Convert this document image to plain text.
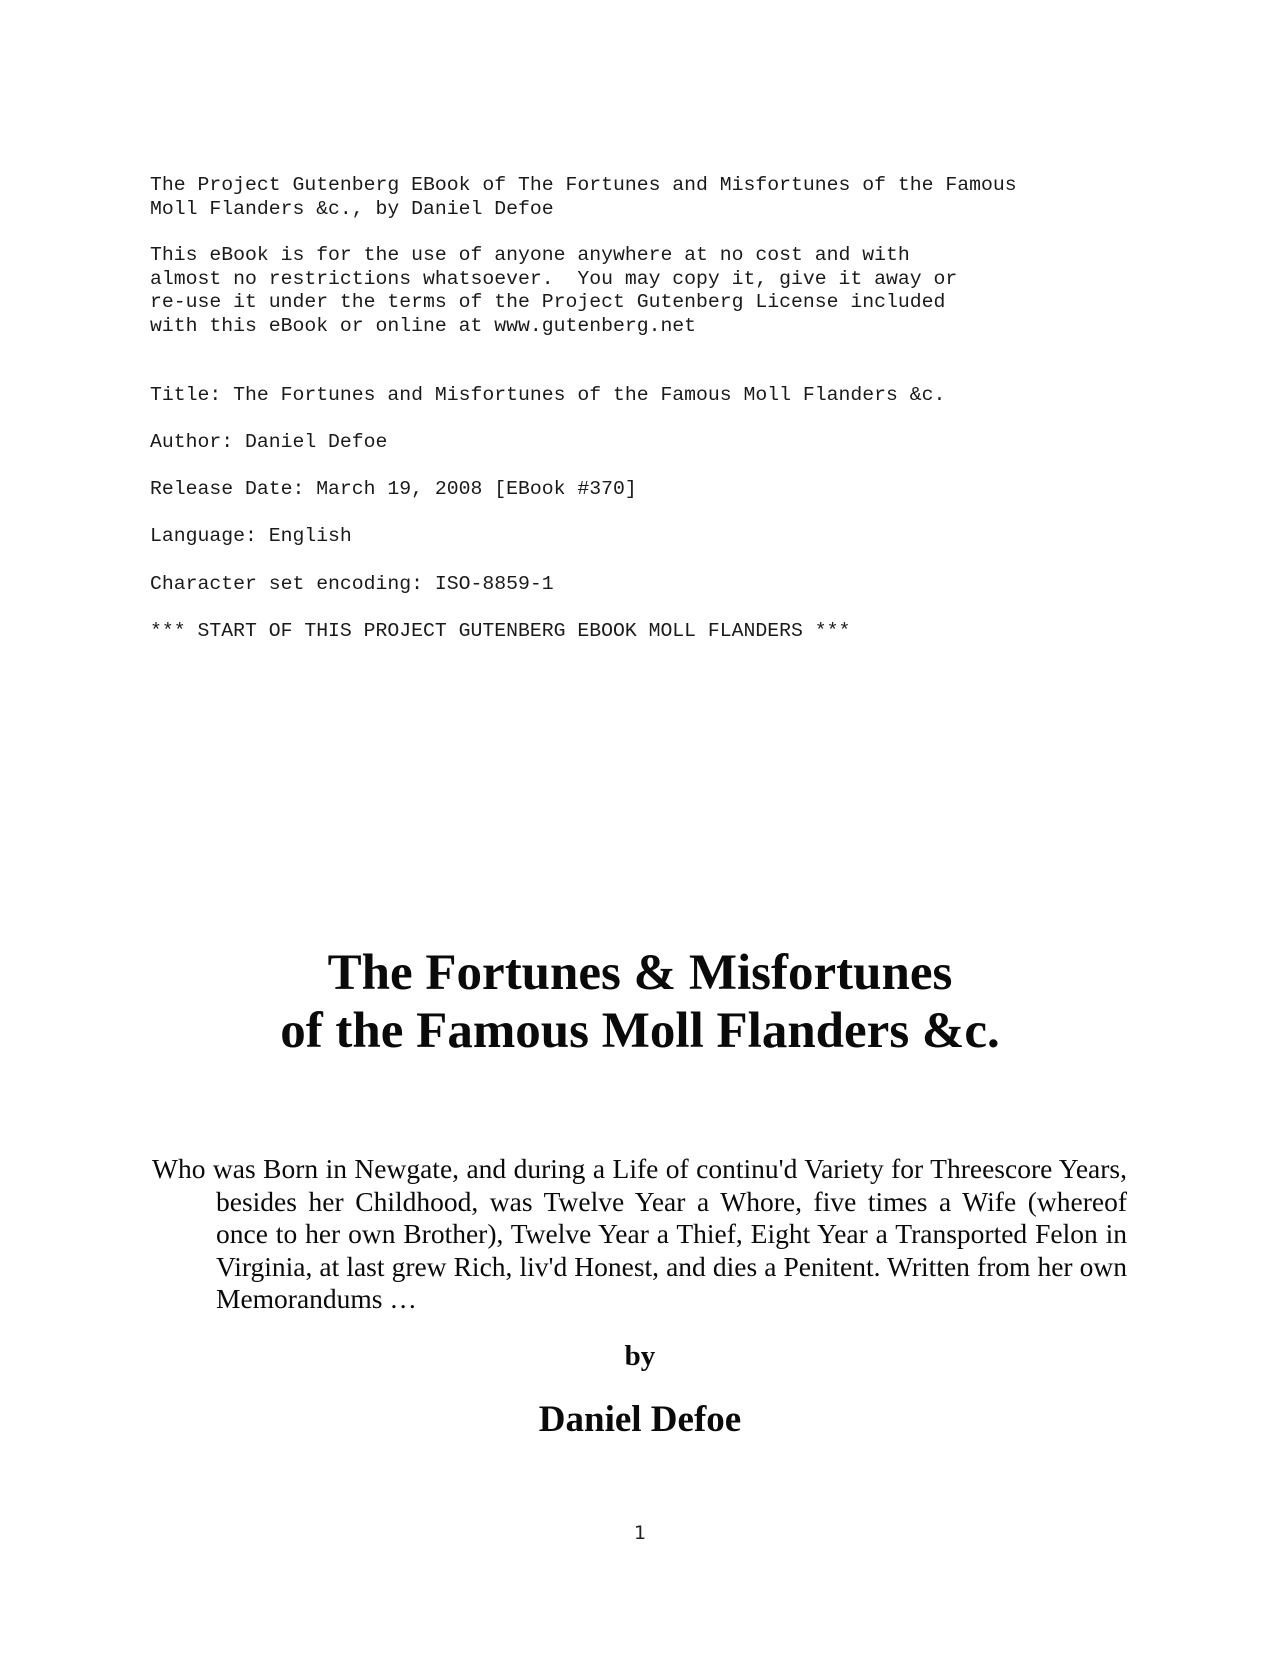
The Project Gutenberg EBook of The Fortunes and Misfortunes of the Famous

Moll Flanders &c., by Daniel Defoe

This eBook is for the use of anyone anywhere at no cost and with

almost no restrictions whatsoever.  You may copy it, give it away or

re-use it under the terms of the Project Gutenberg License included

with this eBook or online at www.gutenberg.net

Title: The Fortunes and Misfortunes of the Famous Moll Flanders &c.

Author: Daniel Defoe

Release Date: March 19, 2008 [EBook #370]

Language: English

Character set encoding: ISO-8859-1

*** START OF THIS PROJECT GUTENBERG EBOOK MOLL FLANDERS ***

The Fortunes & Misfortunes
of the Famous Moll Flanders &c.

Who was Born in Newgate, and during a Life of continu'd Variety for Threescore Years, besides her Childhood, was Twelve Year a Whore, five times a Wife (whereof once to her own Brother), Twelve Year a Thief, Eight Year a Transported Felon in Virginia, at last grew Rich, liv'd Honest, and dies a Penitent. Written from her own Memorandums …

by

Daniel Defoe

1
